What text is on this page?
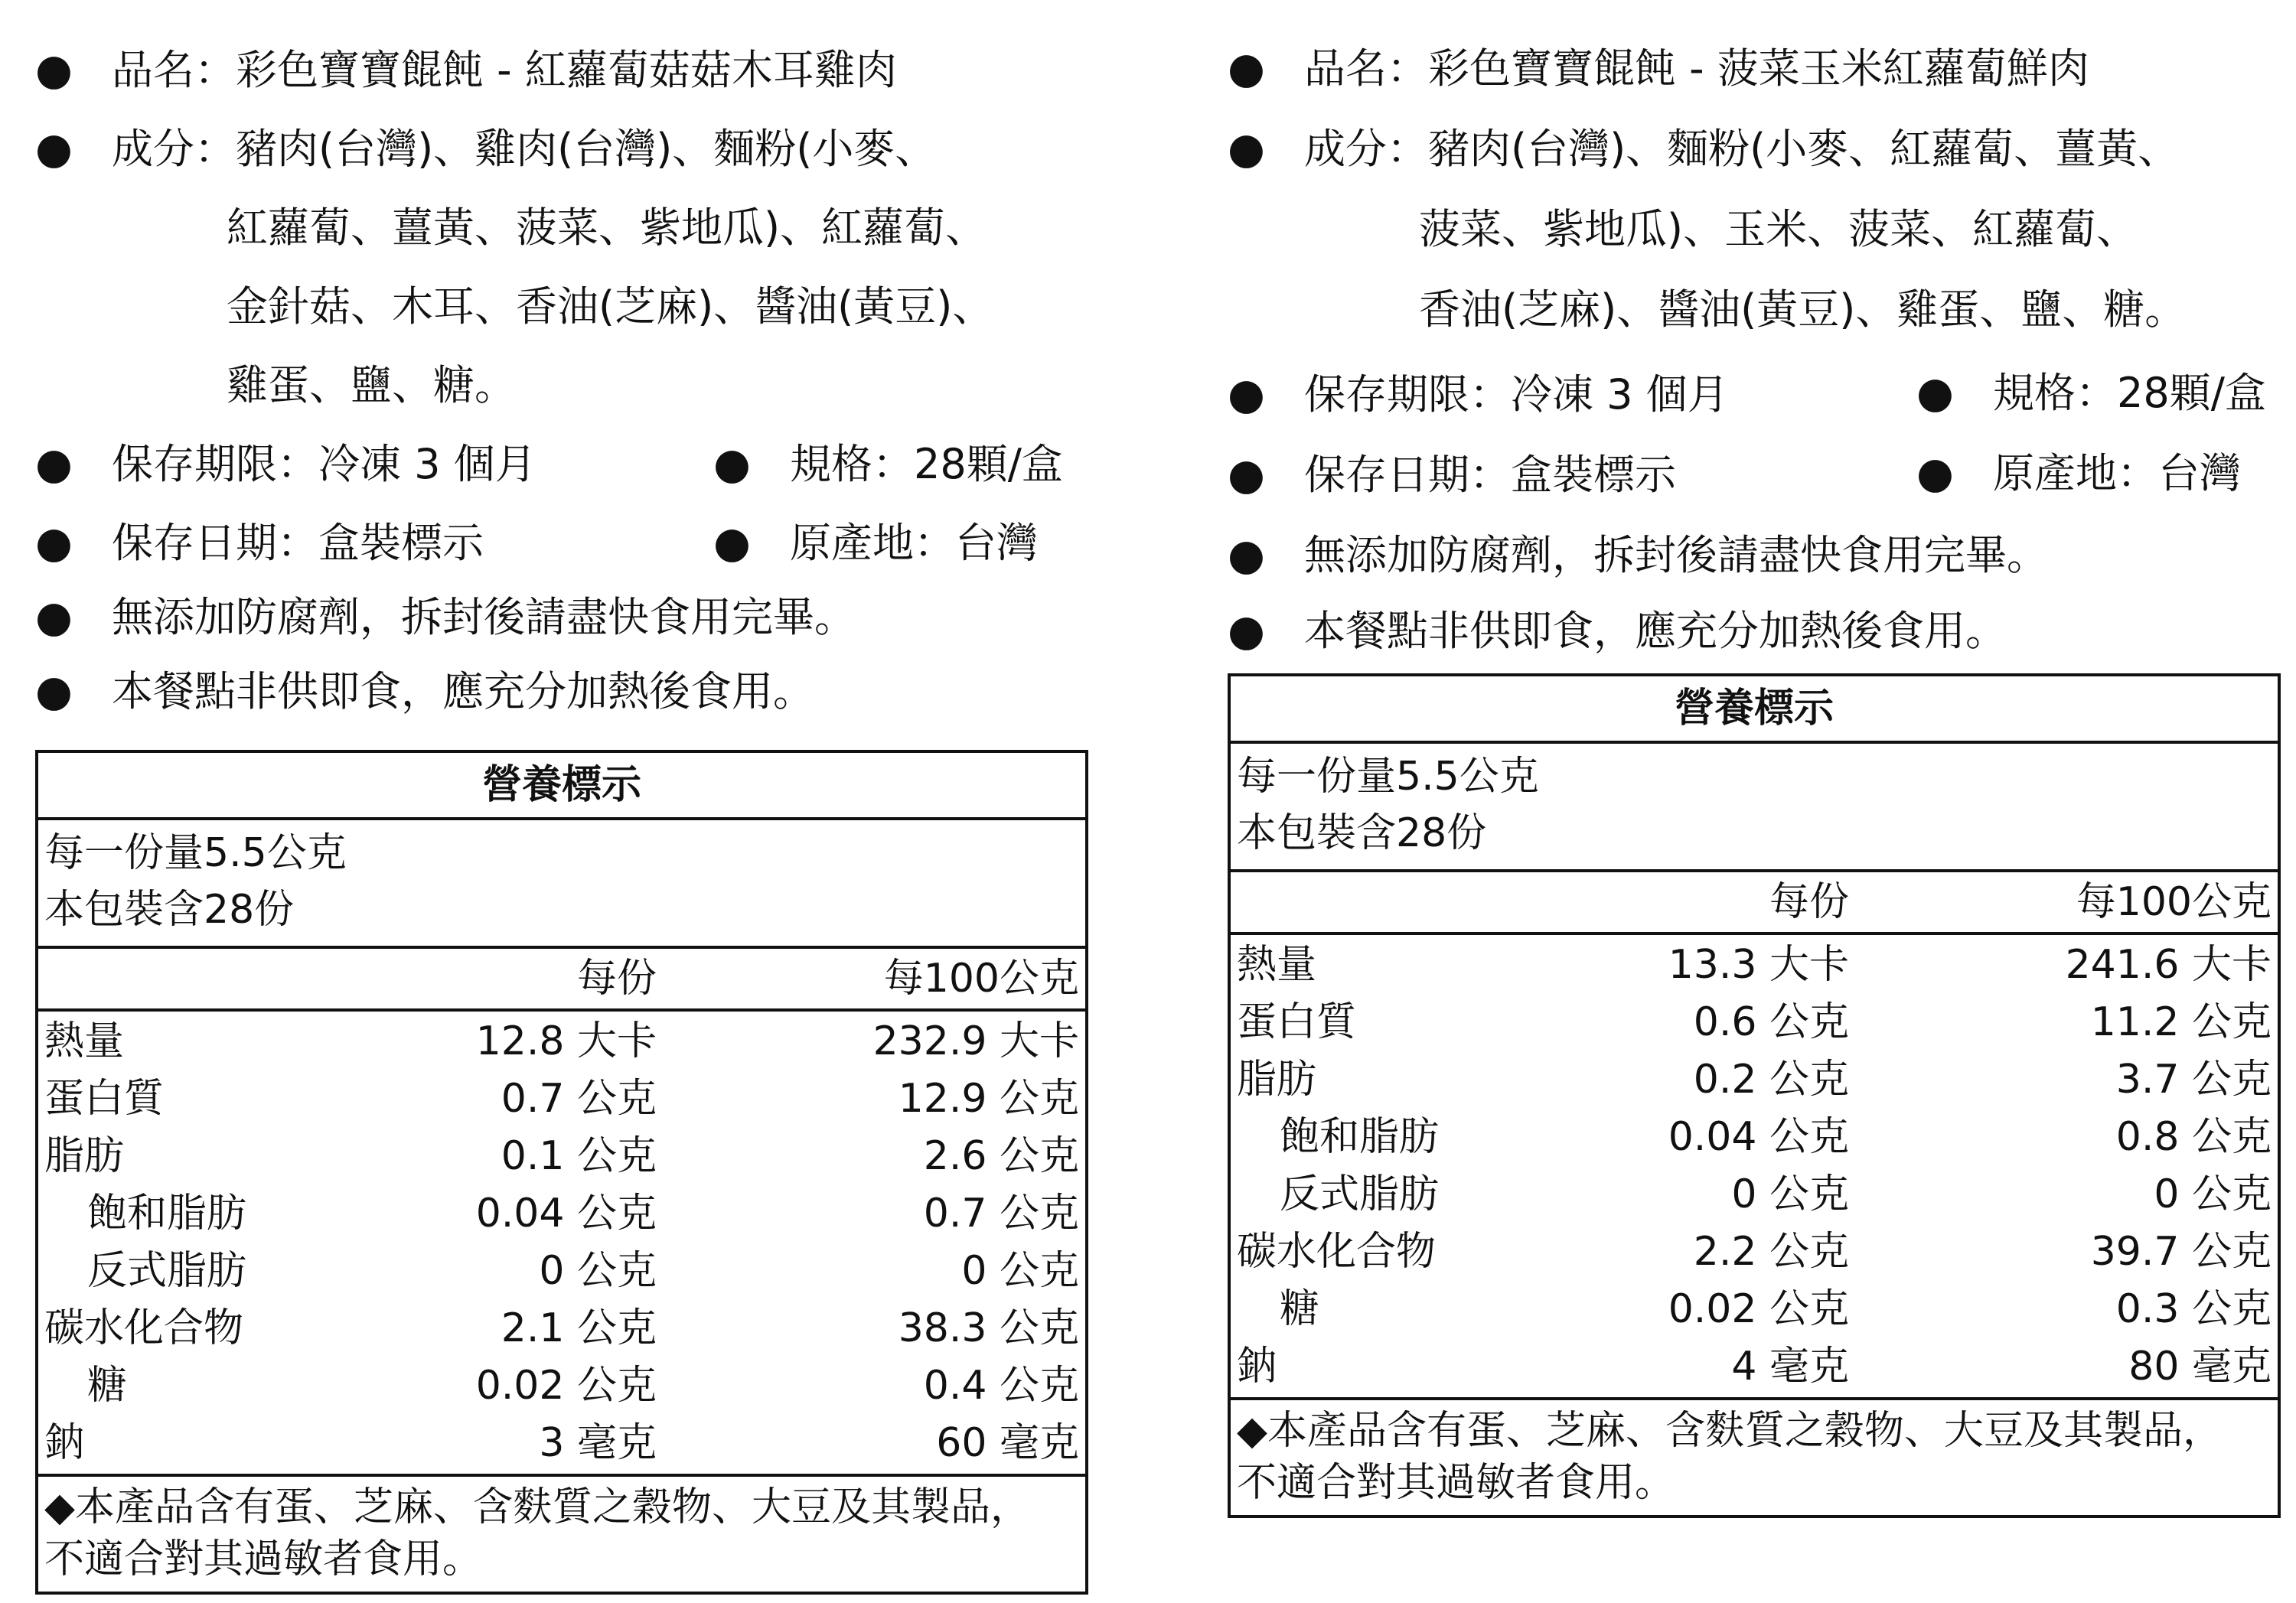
● 品名：彩色寶寶餛飩 - 紅蘿蔔菇菇木耳雞肉
● 成分：豬肉(台灣)、雞肉(台灣)、麵粉(小麥、
紅蘿蔔、薑黃、菠菜、紫地瓜)、紅蘿蔔、
金針菇、木耳、香油(芝麻)、醬油(黃豆)、
雞蛋、鹽、糖。
● 保存期限：冷凍 3 個月	● 規格：28顆/盒
● 保存日期：盒裝標示	● 原產地：台灣
● 無添加防腐劑，拆封後請盡快食用完畢。
● 本餐點非供即食，應充分加熱後食用。
營養標示
每一份量5.5公克
本包裝含28份
每份	每100公克
熱量	12.8 大卡	232.9 大卡
蛋白質	0.7 公克	12.9 公克
脂肪	0.1 公克	2.6 公克
飽和脂肪	0.04 公克	0.7 公克
反式脂肪	0 公克	0 公克
碳水化合物	2.1 公克	38.3 公克
糖	0.02 公克	0.4 公克
鈉	3 毫克	60 毫克
◆本產品含有蛋、芝麻、含麩質之穀物、大豆及其製品，
不適合對其過敏者食用。
● 品名：彩色寶寶餛飩 - 菠菜玉米紅蘿蔔鮮肉
● 成分：豬肉(台灣)、麵粉(小麥、紅蘿蔔、薑黃、
菠菜、紫地瓜)、玉米、菠菜、紅蘿蔔、
香油(芝麻)、醬油(黃豆)、雞蛋、鹽、糖。
● 保存期限：冷凍 3 個月	● 規格：28顆/盒
● 保存日期：盒裝標示	● 原產地：台灣
● 無添加防腐劑，拆封後請盡快食用完畢。
● 本餐點非供即食，應充分加熱後食用。
營養標示
每一份量5.5公克
本包裝含28份
每份	每100公克
熱量	13.3 大卡	241.6 大卡
蛋白質	0.6 公克	11.2 公克
脂肪	0.2 公克	3.7 公克
飽和脂肪	0.04 公克	0.8 公克
反式脂肪	0 公克	0 公克
碳水化合物	2.2 公克	39.7 公克
糖	0.02 公克	0.3 公克
鈉	4 毫克	80 毫克
◆本產品含有蛋、芝麻、含麩質之穀物、大豆及其製品，
不適合對其過敏者食用。
